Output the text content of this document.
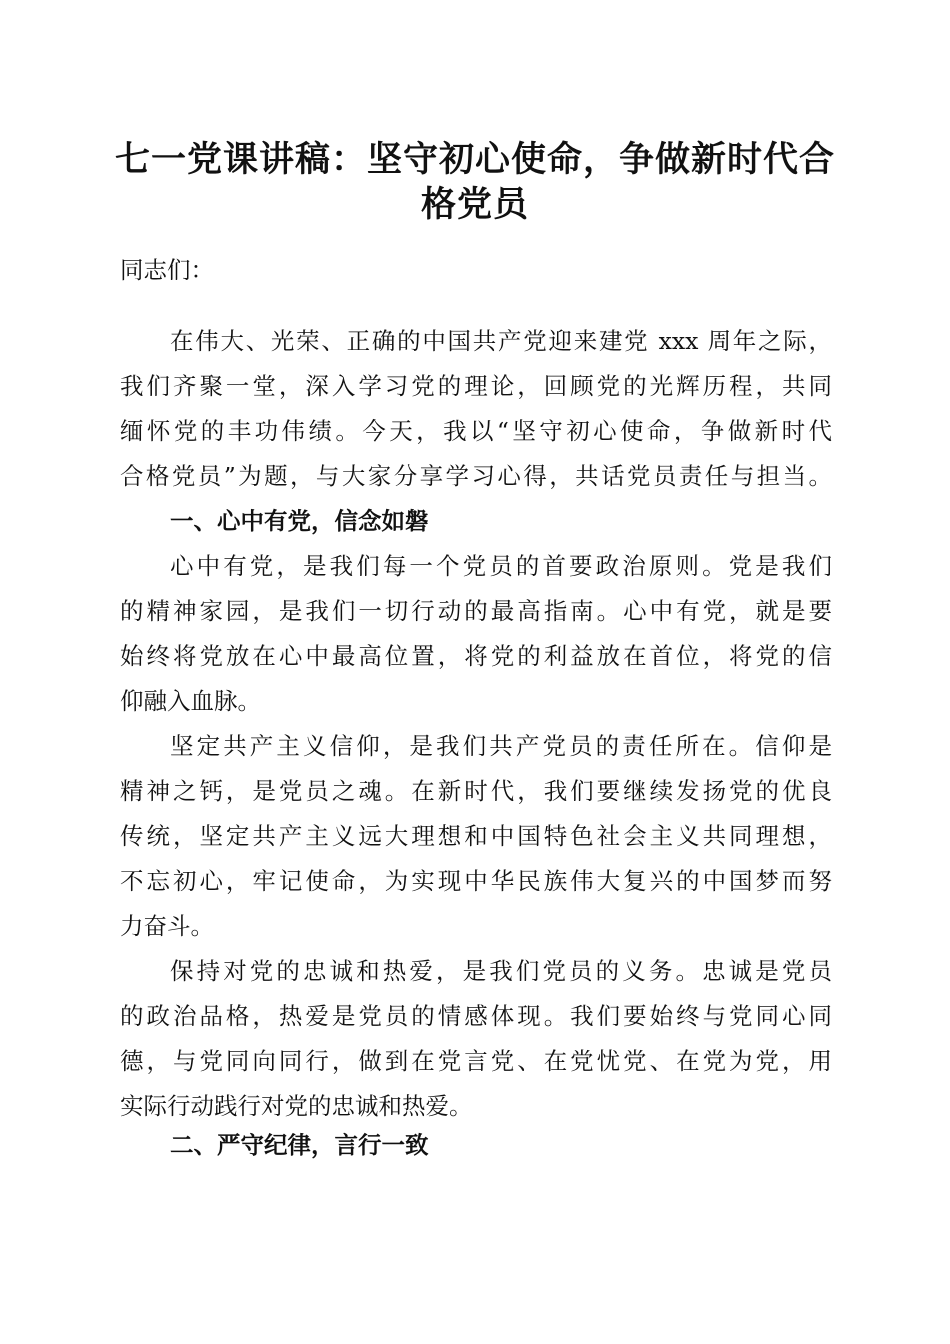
七一党课讲稿：坚守初心使命，争做新时代合
格党员
同志们：
在伟大、光荣、正确的中国共产党迎来建党 xxx 周年之际，
我们齐聚一堂，深入学习党的理论，回顾党的光辉历程，共同
缅怀党的丰功伟绩。今天，我以“坚守初心使命，争做新时代
合格党员”为题，与大家分享学习心得，共话党员责任与担当。
一、心中有党，信念如磐
心中有党，是我们每一个党员的首要政治原则。党是我们
的精神家园，是我们一切行动的最高指南。心中有党，就是要
始终将党放在心中最高位置，将党的利益放在首位，将党的信
仰融入血脉。
坚定共产主义信仰，是我们共产党员的责任所在。信仰是
精神之钙，是党员之魂。在新时代，我们要继续发扬党的优良
传统，坚定共产主义远大理想和中国特色社会主义共同理想，
不忘初心，牢记使命，为实现中华民族伟大复兴的中国梦而努
力奋斗。
保持对党的忠诚和热爱，是我们党员的义务。忠诚是党员
的政治品格，热爱是党员的情感体现。我们要始终与党同心同
德，与党同向同行，做到在党言党、在党忧党、在党为党，用
实际行动践行对党的忠诚和热爱。
二、严守纪律，言行一致
